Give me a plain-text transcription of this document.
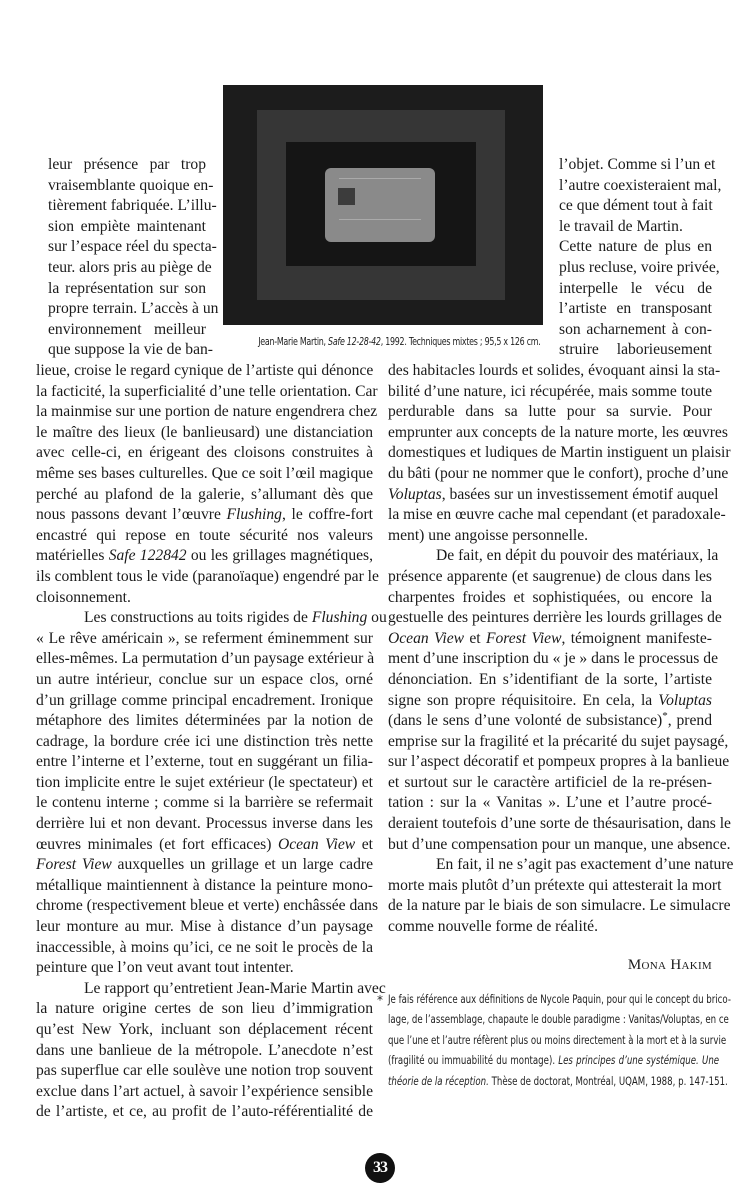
Jean-Marie Martin, Safe 12-28-42, 1992. Techniques mixtes ; 95,5 x 126 cm.
leur présence par trop
vraisemblante quoique en-
tièrement fabriquée. L’illu-
sion empiète maintenant
sur l’espace réel du specta-
teur. alors pris au piège de
la représentation sur son
propre terrain. L’accès à un
environnement meilleur
que suppose la vie de ban-
l’objet. Comme si l’un et
l’autre coexisteraient mal,
ce que dément tout à fait
le travail de Martin.
Cette nature de plus en
plus recluse, voire privée,
interpelle le vécu de
l’artiste en transposant
son acharnement à con-
struire laborieusement
lieue, croise le regard cynique de l’artiste qui dénonce
la facticité, la superficialité d’une telle orientation. Car
la mainmise sur une portion de nature engendrera chez
le maître des lieux (le banlieusard) une distanciation
avec celle-ci, en érigeant des cloisons construites à
même ses bases culturelles. Que ce soit l’œil magique
perché au plafond de la galerie, s’allumant dès que
nous passons devant l’œuvre Flushing, le coffre-fort
encastré qui repose en toute sécurité nos valeurs
matérielles Safe 122842 ou les grillages magnétiques,
ils comblent tous le vide (paranoïaque) engendré par le
cloisonnement.
Les constructions au toits rigides de Flushing ou
« Le rêve américain », se referment éminemment sur
elles-mêmes. La permutation d’un paysage extérieur à
un autre intérieur, conclue sur un espace clos, orné
d’un grillage comme principal encadrement. Ironique
métaphore des limites déterminées par la notion de
cadrage, la bordure crée ici une distinction très nette
entre l’interne et l’externe, tout en suggérant un filia-
tion implicite entre le sujet extérieur (le spectateur) et
le contenu interne ; comme si la barrière se refermait
derrière lui et non devant. Processus inverse dans les
œuvres minimales (et fort efficaces) Ocean View et
Forest View auxquelles un grillage et un large cadre
métallique maintiennent à distance la peinture mono-
chrome (respectivement bleue et verte) enchâssée dans
leur monture au mur. Mise à distance d’un paysage
inaccessible, à moins qu’ici, ce ne soit le procès de la
peinture que l’on veut avant tout intenter.
Le rapport qu’entretient Jean-Marie Martin avec
la nature origine certes de son lieu d’immigration
qu’est New York, incluant son déplacement récent
dans une banlieue de la métropole. L’anecdote n’est
pas superflue car elle soulève une notion trop souvent
exclue dans l’art actuel, à savoir l’expérience sensible
de l’artiste, et ce, au profit de l’auto-référentialité de
des habitacles lourds et solides, évoquant ainsi la sta-
bilité d’une nature, ici récupérée, mais somme toute
perdurable dans sa lutte pour sa survie. Pour
emprunter aux concepts de la nature morte, les œuvres
domestiques et ludiques de Martin instiguent un plaisir
du bâti (pour ne nommer que le confort), proche d’une
Voluptas, basées sur un investissement émotif auquel
la mise en œuvre cache mal cependant (et paradoxale-
ment) une angoisse personnelle.
De fait, en dépit du pouvoir des matériaux, la
présence apparente (et saugrenue) de clous dans les
charpentes froides et sophistiquées, ou encore la
gestuelle des peintures derrière les lourds grillages de
Ocean View et Forest View, témoignent manifeste-
ment d’une inscription du « je » dans le processus de
dénonciation. En s’identifiant de la sorte, l’artiste
signe son propre réquisitoire. En cela, la Voluptas
(dans le sens d’une volonté de subsistance)*, prend
emprise sur la fragilité et la précarité du sujet paysagé,
sur l’aspect décoratif et pompeux propres à la banlieue
et surtout sur le caractère artificiel de la re-présen-
tation : sur la « Vanitas ». L’une et l’autre procé-
deraient toutefois d’une sorte de thésaurisation, dans le
but d’une compensation pour un manque, une absence.
En fait, il ne s’agit pas exactement d’une nature
morte mais plutôt d’un prétexte qui attesterait la mort
de la nature par le biais de son simulacre. Le simulacre
comme nouvelle forme de réalité.
Mona Hakim
* Je fais référence aux définitions de Nycole Paquin, pour qui le concept du brico-
lage, de l’assemblage, chapaute le double paradigme : Vanitas/Voluptas, en ce
que l’une et l’autre réfèrent plus ou moins directement à la mort et à la survie
(fragilité ou immuabilité du montage). Les principes d’une systémique. Une
théorie de la réception. Thèse de doctorat, Montréal, UQAM, 1988, p. 147-151.
33
